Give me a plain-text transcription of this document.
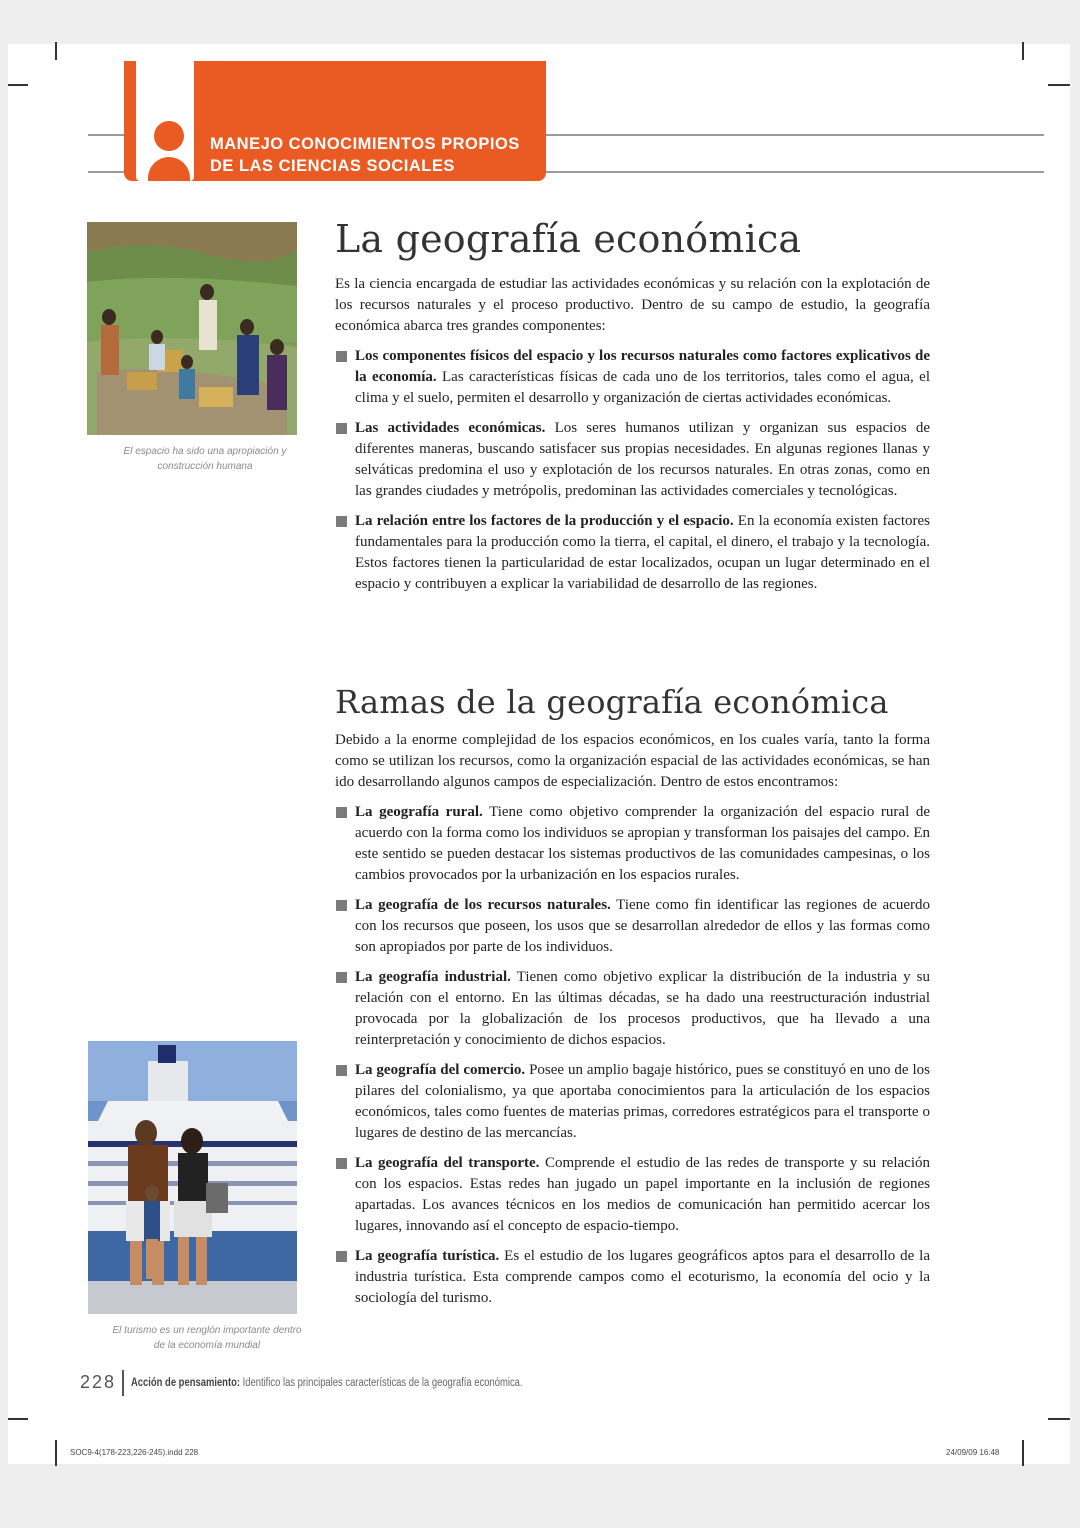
MANEJO CONOCIMIENTOS PROPIOS
DE LAS CIENCIAS SOCIALES
El espacio ha sido una apropiación y construcción humana
El turismo es un renglón importante dentro de la economía mundial
La geografía económica

Es la ciencia encargada de estudiar las actividades económicas y su relación con la explotación de los recursos naturales y el proceso productivo. Dentro de su campo de estudio, la geografía económica abarca tres grandes componentes:

Los componentes físicos del espacio y los recursos naturales como factores explicativos de la economía. Las características físicas de cada uno de los territorios, tales como el agua, el clima y el suelo, permiten el desarrollo y organización de ciertas actividades económicas.
Las actividades económicas. Los seres humanos utilizan y organizan sus espacios de diferentes maneras, buscando satisfacer sus propias necesidades. En algunas regiones llanas y selváticas predomina el uso y explotación de los recursos naturales. En otras zonas, como en las grandes ciudades y metrópolis, predominan las actividades comerciales y tecnológicas.
La relación entre los factores de la producción y el espacio. En la economía existen factores fundamentales para la producción como la tierra, el capital, el dinero, el trabajo y la tecnología. Estos factores tienen la particularidad de estar localizados, ocupan un lugar determinado en el espacio y contribuyen a explicar la variabilidad de desarrollo de las regiones.
Ramas de la geografía económica

Debido a la enorme complejidad de los espacios económicos, en los cuales varía, tanto la forma como se utilizan los recursos, como la organización espacial de las actividades económicas, se han ido desarrollando algunos campos de especialización. Dentro de estos encontramos:

La geografía rural. Tiene como objetivo comprender la organización del espacio rural de acuerdo con la forma como los individuos se apropian y transforman los paisajes del campo. En este sentido se pueden destacar los sistemas productivos de las comunidades campesinas, o los cambios provocados por la urbanización en los espacios rurales.
La geografía de los recursos naturales. Tiene como fin identificar las regiones de acuerdo con los recursos que poseen, los usos que se desarrollan alrededor de ellos y las formas como son apropiados por parte de los individuos.
La geografía industrial. Tienen como objetivo explicar la distribución de la industria y su relación con el entorno. En las últimas décadas, se ha dado una reestructuración industrial provocada por la globalización de los procesos productivos, que ha llevado a una reinterpretación y conocimiento de dichos espacios.
La geografía del comercio. Posee un amplio bagaje histórico, pues se constituyó en uno de los pilares del colonialismo, ya que aportaba conocimientos para la articulación de los espacios económicos, tales como fuentes de materias primas, corredores estratégicos para el transporte o lugares de destino de las mercancías.
La geografía del transporte. Comprende el estudio de las redes de transporte y su relación con los espacios. Estas redes han jugado un papel importante en la inclusión de regiones apartadas. Los avances técnicos en los medios de comunicación han permitido acercar los lugares, innovando así el concepto de espacio-tiempo.
La geografía turística. Es el estudio de los lugares geográficos aptos para el desarrollo de la industria turística. Esta comprende campos como el ecoturismo, la economía del ocio y la sociología del turismo.
228 Acción de pensamiento: Identifico las principales características de la geografía económica.
SOC9-4(178-223,226-245).indd 228	24/09/09 16:48
